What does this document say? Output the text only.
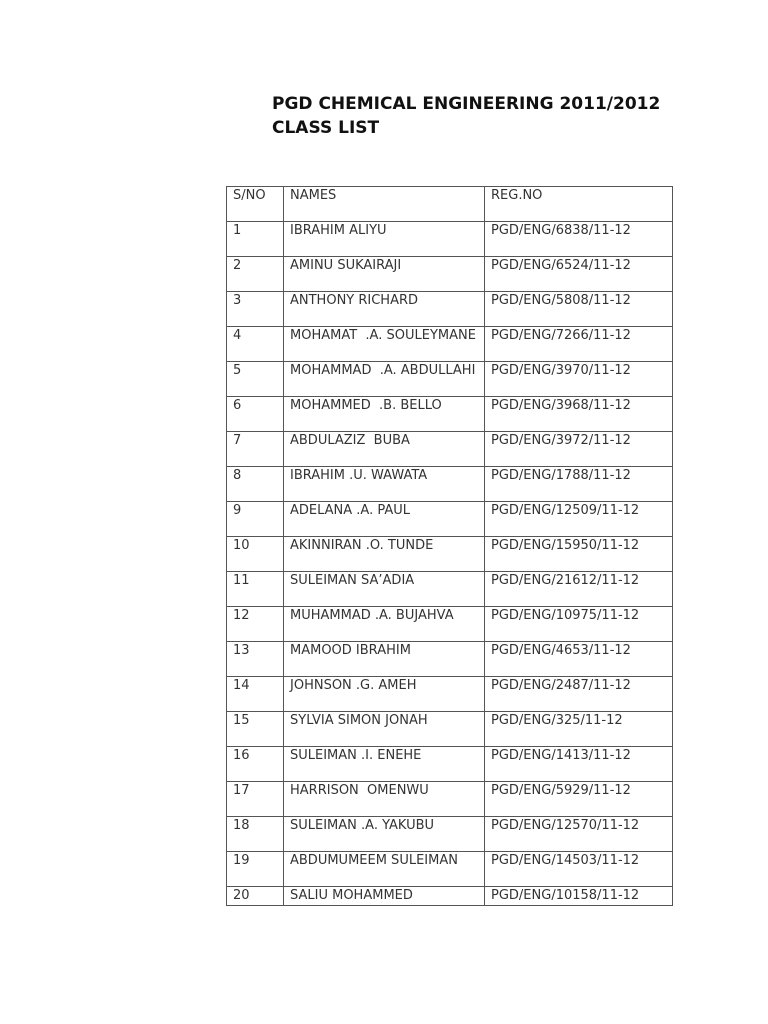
PGD CHEMICAL ENGINEERING 2011/2012
CLASS LIST
S/NO	NAMES	REG.NO

1	IBRAHIM ALIYU	PGD/ENG/6838/11-12

2	AMINU SUKAIRAJI	PGD/ENG/6524/11-12

3	ANTHONY RICHARD	PGD/ENG/5808/11-12

4	MOHAMAT  .A. SOULEYMANE	PGD/ENG/7266/11-12

5	MOHAMMAD  .A. ABDULLAHI	PGD/ENG/3970/11-12

6	MOHAMMED  .B. BELLO	PGD/ENG/3968/11-12

7	ABDULAZIZ  BUBA	PGD/ENG/3972/11-12

8	IBRAHIM .U. WAWATA	PGD/ENG/1788/11-12

9	ADELANA .A. PAUL	PGD/ENG/12509/11-12

10	AKINNIRAN .O. TUNDE	PGD/ENG/15950/11-12

11	SULEIMAN SA’ADIA	PGD/ENG/21612/11-12

12	MUHAMMAD .A. BUJAHVA	PGD/ENG/10975/11-12

13	MAMOOD IBRAHIM	PGD/ENG/4653/11-12

14	JOHNSON .G. AMEH	PGD/ENG/2487/11-12

15	SYLVIA SIMON JONAH	PGD/ENG/325/11-12

16	SULEIMAN .I. ENEHE	PGD/ENG/1413/11-12

17	HARRISON  OMENWU	PGD/ENG/5929/11-12

18	SULEIMAN .A. YAKUBU	PGD/ENG/12570/11-12

19	ABDUMUMEEM SULEIMAN	PGD/ENG/14503/11-12

20	SALIU MOHAMMED	PGD/ENG/10158/11-12
